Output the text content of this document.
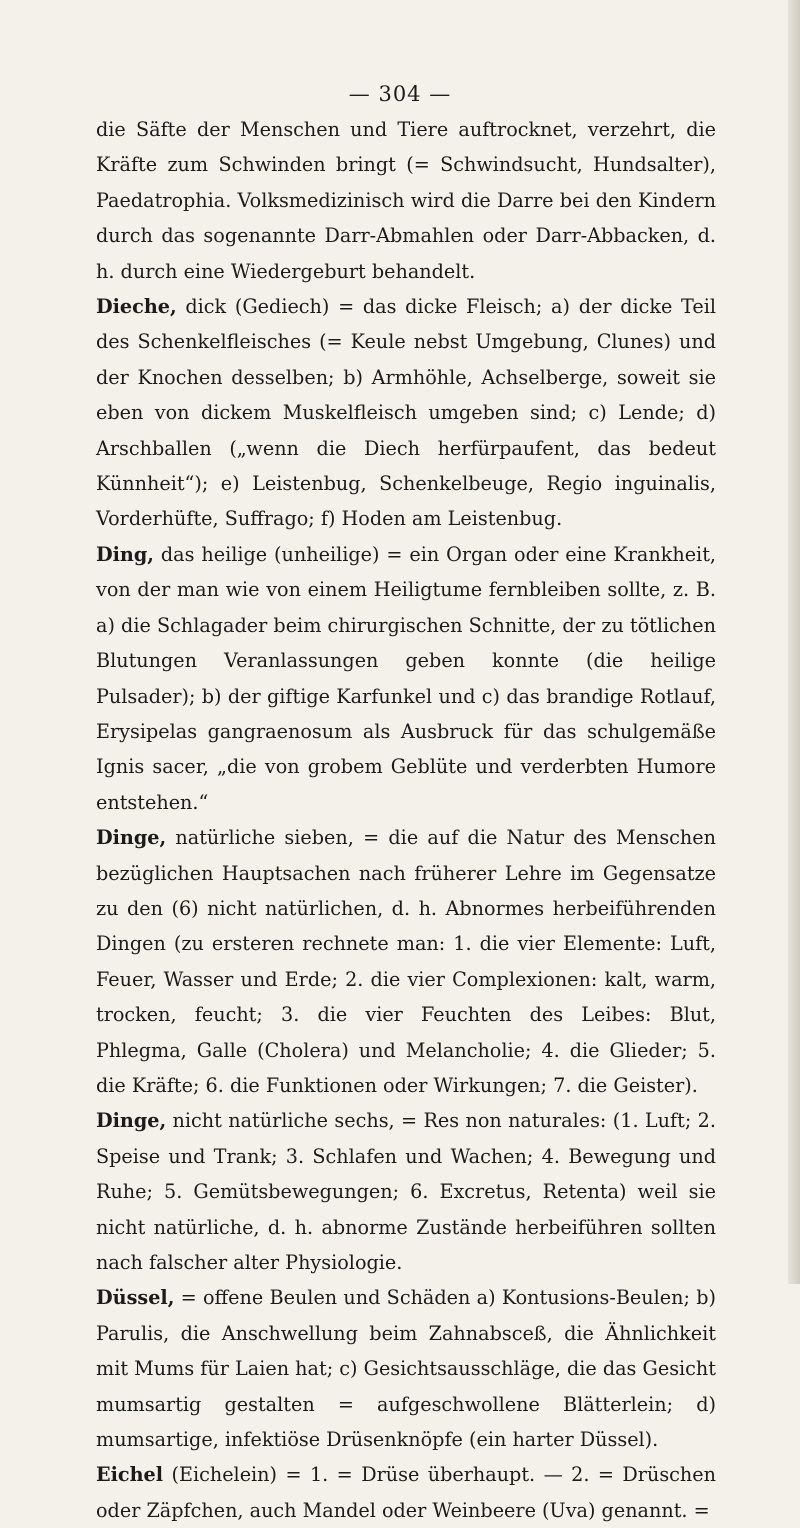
— 304 —

die Säfte der Menschen und Tiere auftrocknet, verzehrt, die Kräfte zum Schwinden bringt (= Schwindsucht, Hundsalter), Paedatrophia. Volksmedizinisch wird die Darre bei den Kindern durch das sogenannte Darr-Abmahlen oder Darr-Abbacken, d. h. durch eine Wiedergeburt behandelt.

Dieche, dick (Gediech) = das dicke Fleisch; a) der dicke Teil des Schenkelfleisches (= Keule nebst Umgebung, Clunes) und der Knochen desselben; b) Armhöhle, Achselberge, soweit sie eben von dickem Muskelfleisch umgeben sind; c) Lende; d) Arschballen („wenn die Diech herfürpaufent, das bedeut Künnheit“); e) Leistenbug, Schenkelbeuge, Regio inguinalis, Vorderhüfte, Suffrago; f) Hoden am Leistenbug.

Ding, das heilige (unheilige) = ein Organ oder eine Krankheit, von der man wie von einem Heiligtume fernbleiben sollte, z. B. a) die Schlagader beim chirurgischen Schnitte, der zu tötlichen Blutungen Veranlassungen geben konnte (die heilige Pulsader); b) der giftige Karfunkel und c) das brandige Rotlauf, Erysipelas gangraenosum als Ausbruck für das schulgemäße Ignis sacer, „die von grobem Geblüte und verderbten Humore entstehen.“

Dinge, natürliche sieben, = die auf die Natur des Menschen bezüglichen Hauptsachen nach früherer Lehre im Gegensatze zu den (6) nicht natürlichen, d. h. Abnormes herbeiführenden Dingen (zu ersteren rechnete man: 1. die vier Elemente: Luft, Feuer, Wasser und Erde; 2. die vier Complexionen: kalt, warm, trocken, feucht; 3. die vier Feuchten des Leibes: Blut, Phlegma, Galle (Cholera) und Melancholie; 4. die Glieder; 5. die Kräfte; 6. die Funktionen oder Wirkungen; 7. die Geister).

Dinge, nicht natürliche sechs, = Res non naturales: (1. Luft; 2. Speise und Trank; 3. Schlafen und Wachen; 4. Bewegung und Ruhe; 5. Gemütsbewegungen; 6. Excretus, Retenta) weil sie nicht natürliche, d. h. abnorme Zustände herbeiführen sollten nach falscher alter Physiologie.

Düssel, = offene Beulen und Schäden a) Kontusions-Beulen; b) Parulis, die Anschwellung beim Zahnabsceß, die Ähnlichkeit mit Mums für Laien hat; c) Gesichtsausschläge, die das Gesicht mumsartig gestalten = aufgeschwollene Blätterlein; d) mumsartige, infektiöse Drüsenknöpfe (ein harter Düssel).

Eichel (Eichelein) = 1. = Drüse überhaupt. — 2. = Drüschen oder Zäpfchen, auch Mandel oder Weinbeere (Uva) genannt. =
